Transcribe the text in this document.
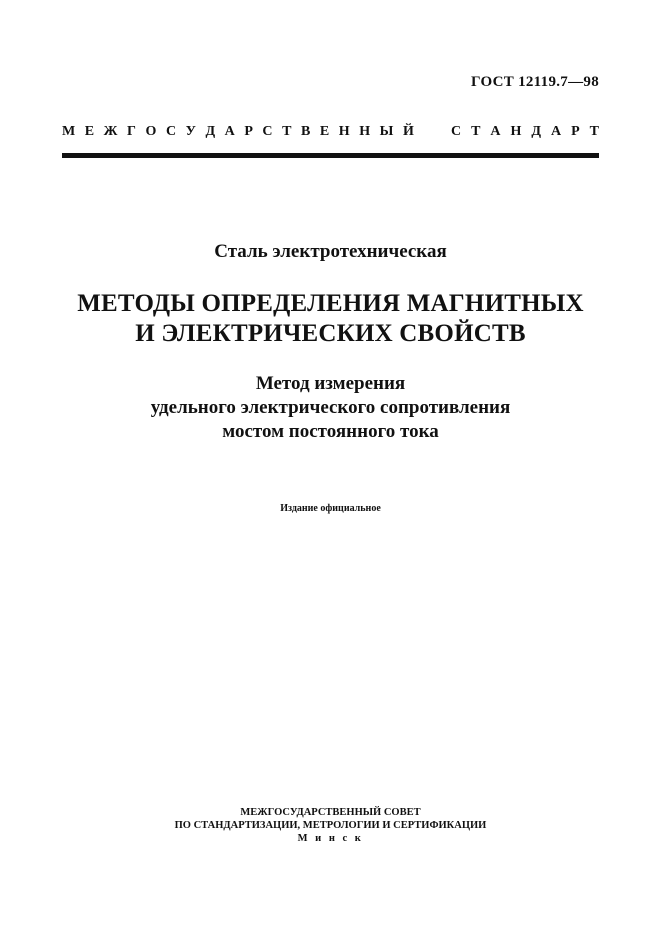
ГОСТ 12119.7—98
М Е Ж Г О С У Д А Р С Т В Е Н Н Ы Й	С Т А Н Д А Р Т
Сталь электротехническая
МЕТОДЫ ОПРЕДЕЛЕНИЯ МАГНИТНЫХ
И ЭЛЕКТРИЧЕСКИХ СВОЙСТВ
Метод измерения
удельного электрического сопротивления
мостом постоянного тока
Издание официальное
МЕЖГОСУДАРСТВЕННЫЙ СОВЕТ
ПО СТАНДАРТИЗАЦИИ, МЕТРОЛОГИИ И СЕРТИФИКАЦИИ
М и н с к
